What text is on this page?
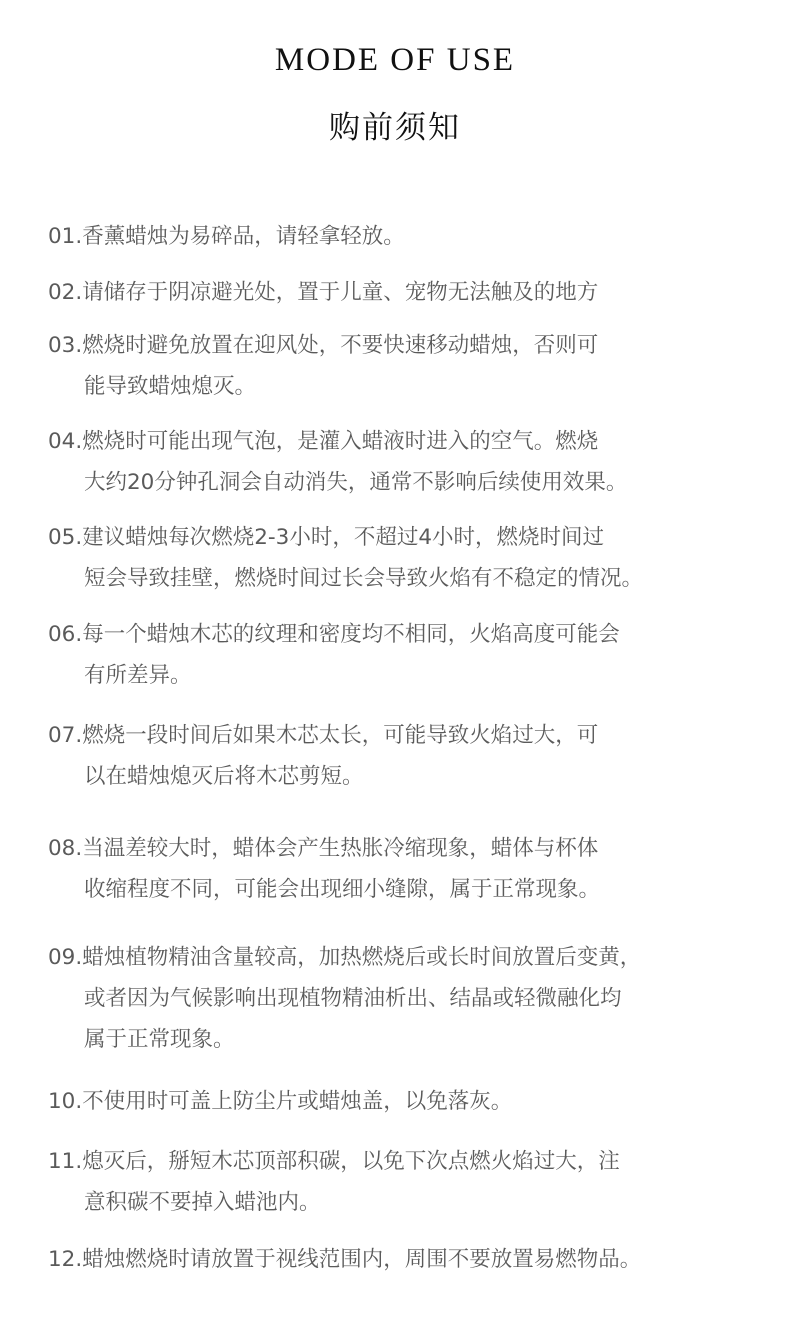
MODE OF USE
购前须知
01.香薰蜡烛为易碎品，请轻拿轻放。
02.请储存于阴凉避光处，置于儿童、宠物无法触及的地方
03.燃烧时避免放置在迎风处，不要快速移动蜡烛，否则可
能导致蜡烛熄灭。
04.燃烧时可能出现气泡，是灌入蜡液时进入的空气。燃烧
大约20分钟孔洞会自动消失，通常不影响后续使用效果。
05.建议蜡烛每次燃烧2-3小时，不超过4小时，燃烧时间过
短会导致挂壁，燃烧时间过长会导致火焰有不稳定的情况。
06.每一个蜡烛木芯的纹理和密度均不相同，火焰高度可能会
有所差异。
07.燃烧一段时间后如果木芯太长，可能导致火焰过大，可
以在蜡烛熄灭后将木芯剪短。
08.当温差较大时，蜡体会产生热胀冷缩现象，蜡体与杯体
收缩程度不同，可能会出现细小缝隙，属于正常现象。
09.蜡烛植物精油含量较高，加热燃烧后或长时间放置后变黄，
或者因为气候影响出现植物精油析出、结晶或轻微融化均
属于正常现象。
10.不使用时可盖上防尘片或蜡烛盖，以免落灰。
11.熄灭后，掰短木芯顶部积碳，以免下次点燃火焰过大，注
意积碳不要掉入蜡池内。
12.蜡烛燃烧时请放置于视线范围内，周围不要放置易燃物品。
